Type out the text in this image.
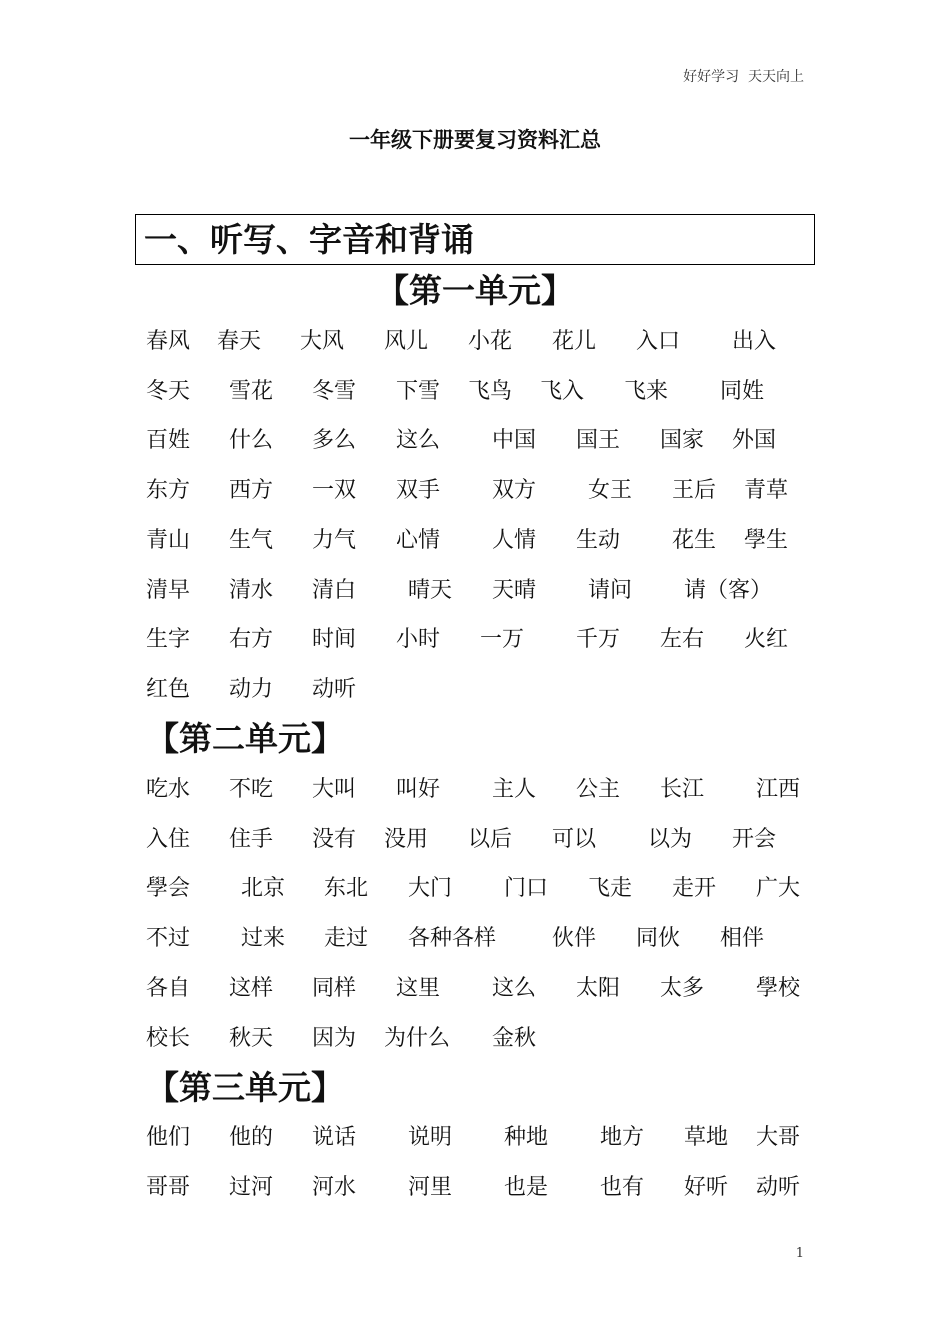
好好学习  天天向上
一年级下册要复习资料汇总
一、听写、字音和背诵
【第一单元】
春风 春天 大风 风儿 小花 花儿 入口 出入
冬天 雪花 冬雪 下雪 飞鸟 飞入 飞来 同姓
百姓 什么 多么 这么 中国 国王 国家 外国
东方 西方 一双 双手 双方 女王 王后 青草
青山 生气 力气 心情 人情 生动 花生 學生
清早 清水 清白 晴天 天晴 请问 请（客）
生字 右方 时间 小时 一万 千万 左右 火红
红色 动力 动听
【第二单元】
吃水 不吃 大叫 叫好 主人 公主 长江 江西
入住 住手 没有 没用 以后 可以 以为 开会
學会 北京 东北 大门 门口 飞走 走开 广大
不过 过来 走过 各种各样	伙伴 同伙 相伴
各自 这样 同样 这里 这么 太阳 太多 學校
校长 秋天 因为 为什么 金秋
【第三单元】
他们 他的 说话 说明 种地 地方 草地 大哥
哥哥 过河 河水 河里 也是 也有 好听 动听
1
